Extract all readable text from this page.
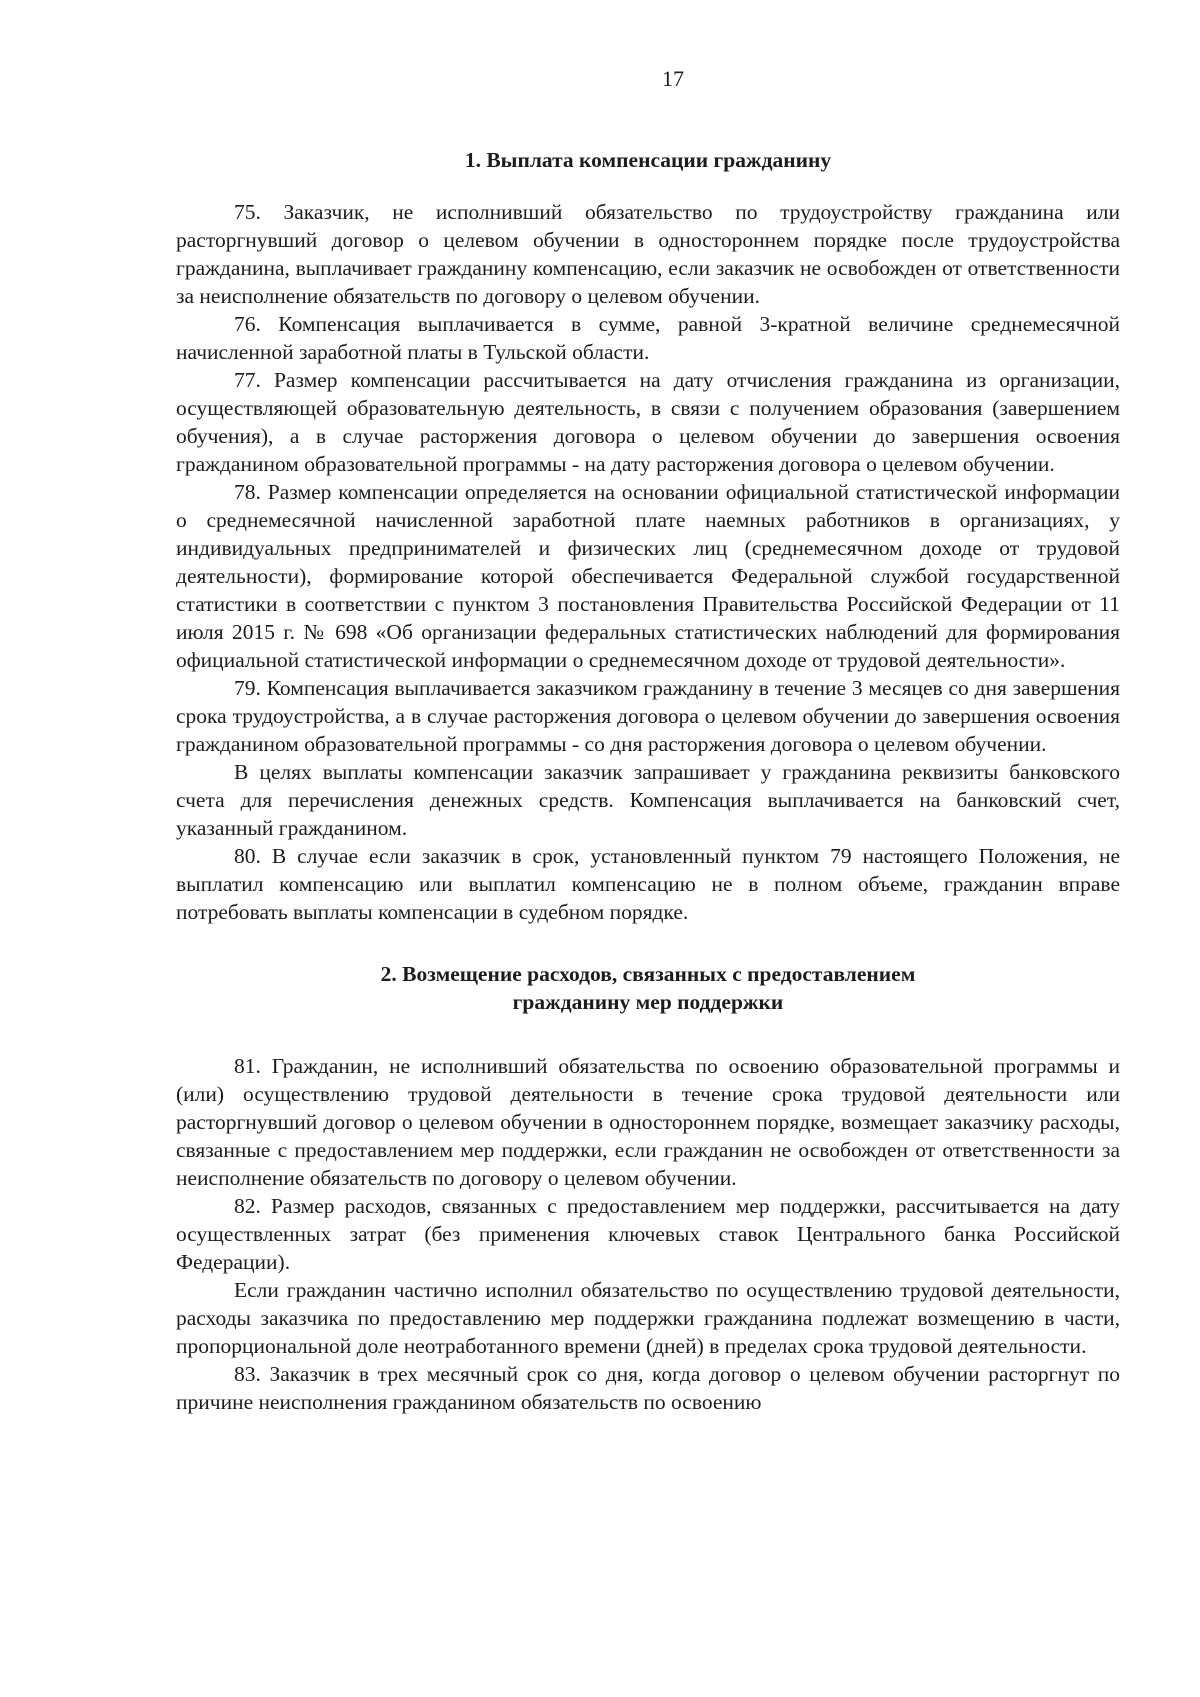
17
1. Выплата компенсации гражданину

75. Заказчик, не исполнивший обязательство по трудоустройству гражданина или расторгнувший договор о целевом обучении в одностороннем порядке после трудоустройства гражданина, выплачивает гражданину компенсацию, если заказчик не освобожден от ответственности за неисполнение обязательств по договору о целевом обучении.

76. Компенсация выплачивается в сумме, равной 3-кратной величине среднемесячной начисленной заработной платы в Тульской области.

77. Размер компенсации рассчитывается на дату отчисления гражданина из организации, осуществляющей образовательную деятельность, в связи с получением образования (завершением обучения), а в случае расторжения договора о целевом обучении до завершения освоения гражданином образовательной программы - на дату расторжения договора о целевом обучении.

78. Размер компенсации определяется на основании официальной статистической информации о среднемесячной начисленной заработной плате наемных работников в организациях, у индивидуальных предпринимателей и физических лиц (среднемесячном доходе от трудовой деятельности), формирование которой обеспечивается Федеральной службой государственной статистики в соответствии с пунктом 3 постановления Правительства Российской Федерации от 11 июля 2015 г. № 698 «Об организации федеральных статистических наблюдений для формирования официальной статистической информации о среднемесячном доходе от трудовой деятельности».

79. Компенсация выплачивается заказчиком гражданину в течение 3 месяцев со дня завершения срока трудоустройства, а в случае расторжения договора о целевом обучении до завершения освоения гражданином образовательной программы - со дня расторжения договора о целевом обучении.

В целях выплаты компенсации заказчик запрашивает у гражданина реквизиты банковского счета для перечисления денежных средств. Компенсация выплачивается на банковский счет, указанный гражданином.

80. В случае если заказчик в срок, установленный пунктом 79 настоящего Положения, не выплатил компенсацию или выплатил компенсацию не в полном объеме, гражданин вправе потребовать выплаты компенсации в судебном порядке.

2. Возмещение расходов, связанных с предоставлением
гражданину мер поддержки

81. Гражданин, не исполнивший обязательства по освоению образовательной программы и (или) осуществлению трудовой деятельности в течение срока трудовой деятельности или расторгнувший договор о целевом обучении в одностороннем порядке, возмещает заказчику расходы, связанные с предоставлением мер поддержки, если гражданин не освобожден от ответственности за неисполнение обязательств по договору о целевом обучении.

82. Размер расходов, связанных с предоставлением мер поддержки, рассчитывается на дату осуществленных затрат (без применения ключевых ставок Центрального банка Российской Федерации).

Если гражданин частично исполнил обязательство по осуществлению трудовой деятельности, расходы заказчика по предоставлению мер поддержки гражданина подлежат возмещению в части, пропорциональной доле неотработанного времени (дней) в пределах срока трудовой деятельности.

83. Заказчик в трех месячный срок со дня, когда договор о целевом обучении расторгнут по причине неисполнения гражданином обязательств по освоению
